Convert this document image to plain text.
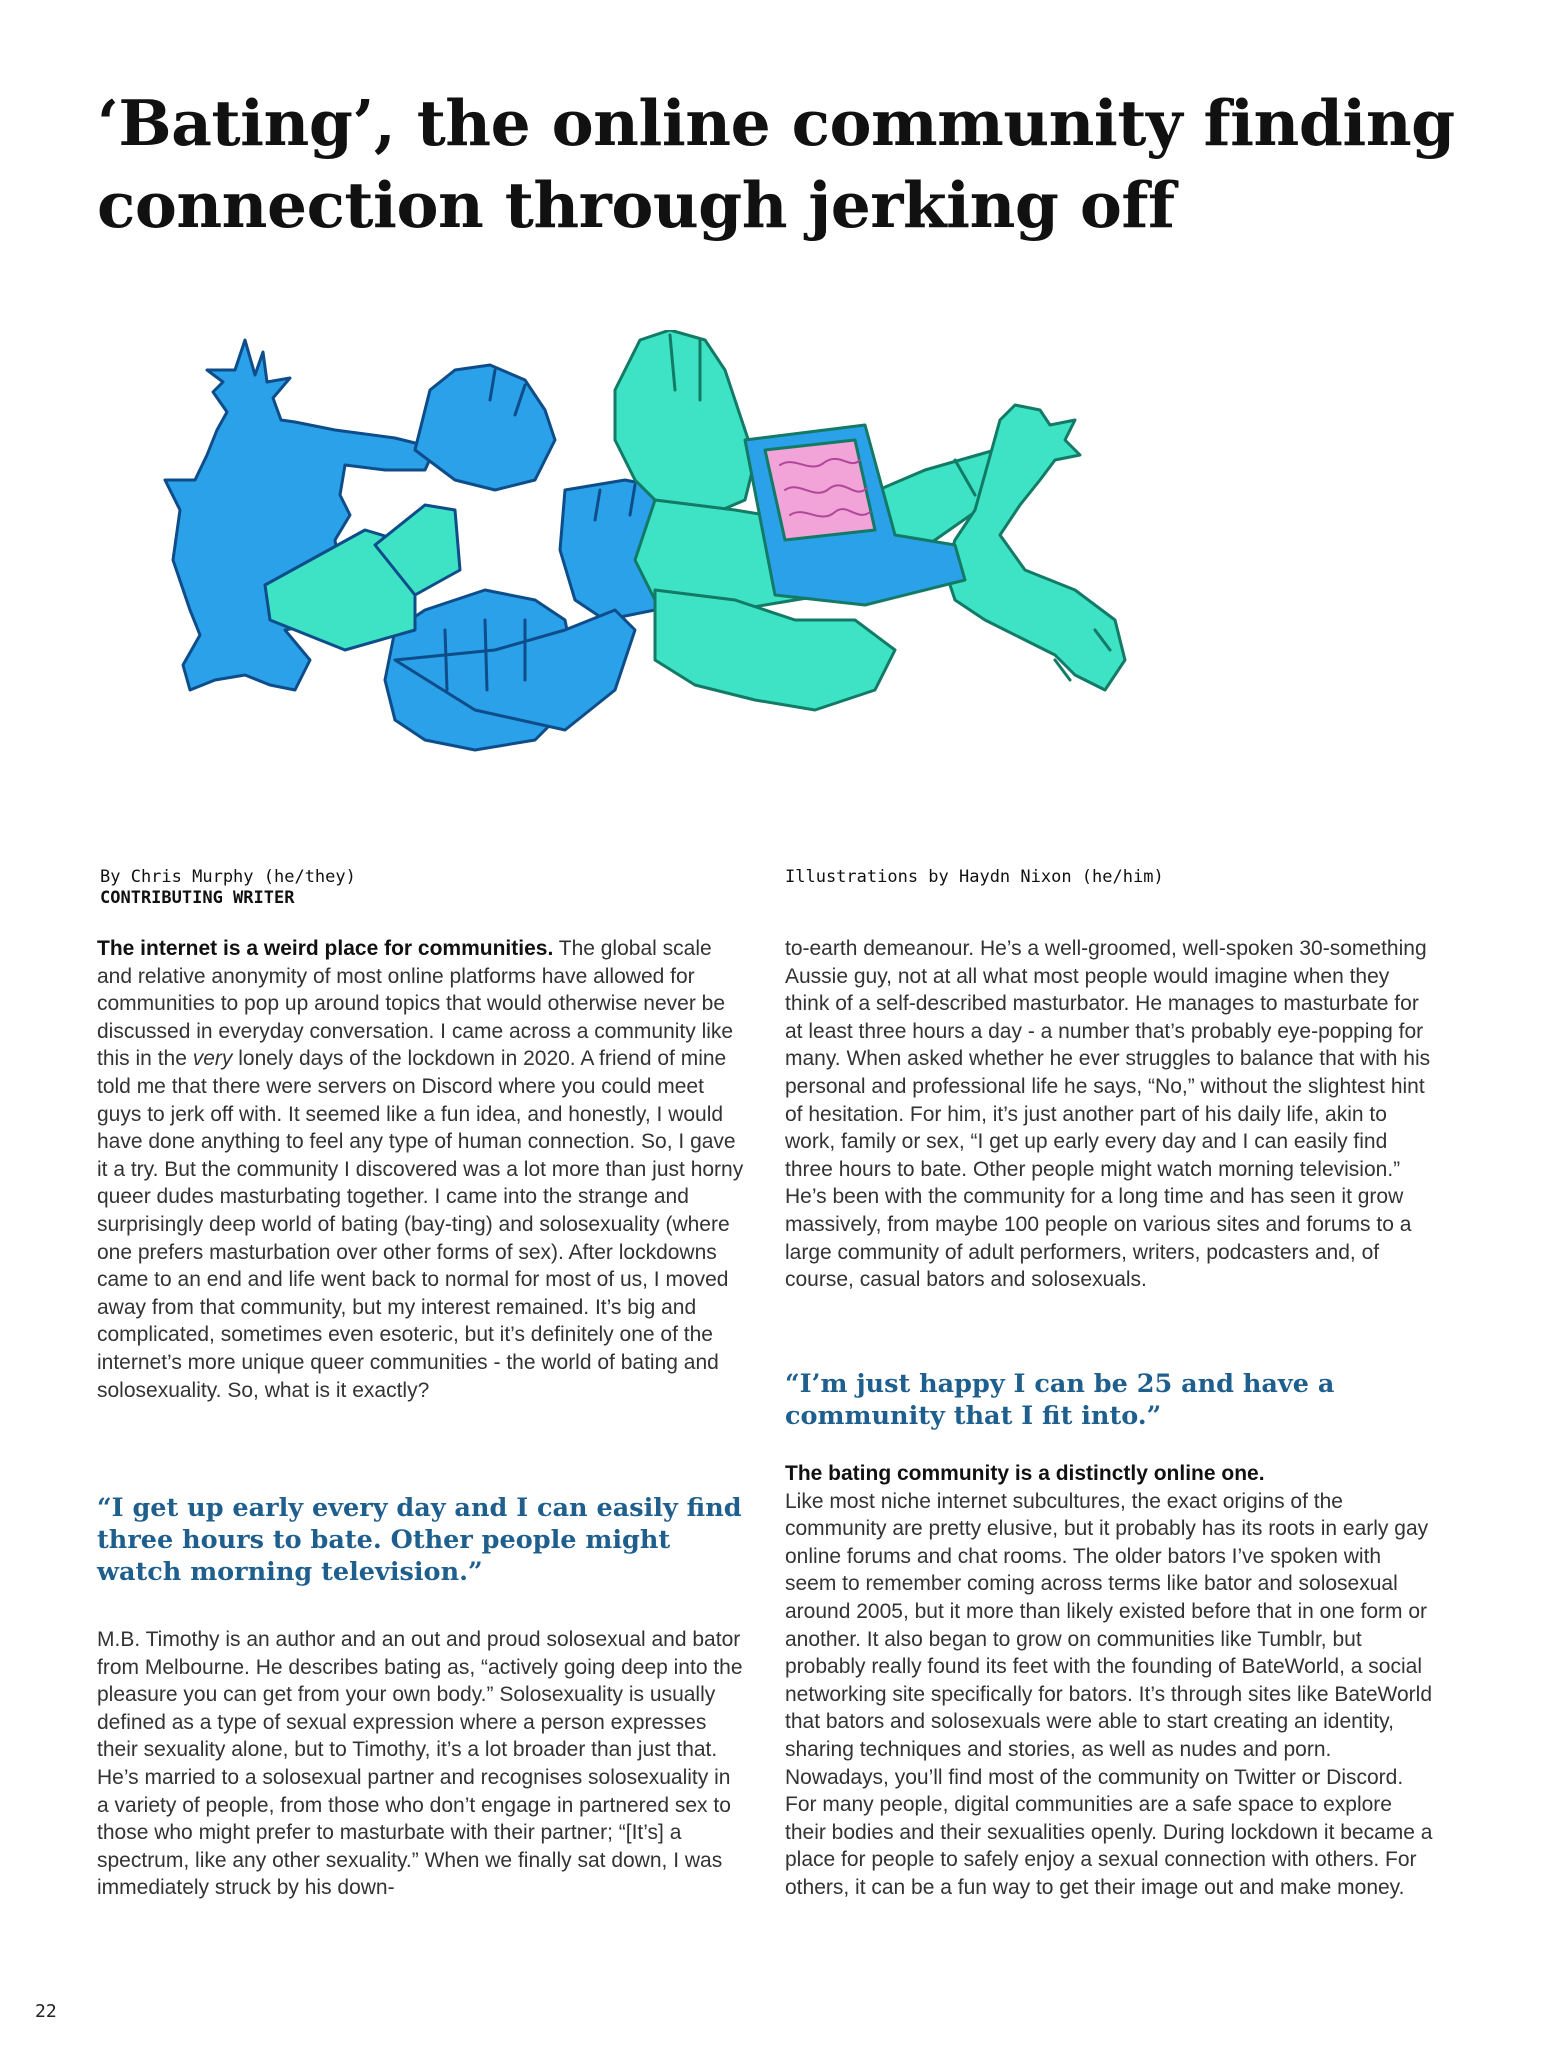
‘Bating’, the online community finding
connection through jerking off
By Chris Murphy (he/they)
CONTRIBUTING WRITER
Illustrations by Haydn Nixon (he/him)

The internet is a weird place for communities. The global scale and relative anonymity of most online platforms have allowed for communities to pop up around topics that would otherwise never be discussed in everyday conversation. I came across a community like this in the very lonely days of the lockdown in 2020. A friend of mine told me that there were servers on Discord where you could meet guys to jerk off with. It seemed like a fun idea, and honestly, I would have done anything to feel any type of human connection. So, I gave it a try. But the community I discovered was a lot more than just horny queer dudes masturbating together. I came into the strange and surprisingly deep world of bating (bay-ting) and solosexuality (where one prefers masturbation over other forms of sex). After lockdowns came to an end and life went back to normal for most of us, I moved away from that community, but my interest remained. It’s big and complicated, sometimes even esoteric, but it’s definitely one of the internet’s more unique queer communities - the world of bating and solosexuality. So, what is it exactly?

“I get up early every day and I can easily find three hours to bate. Other people might watch morning television.”

M.B. Timothy is an author and an out and proud solosexual and bator from Melbourne. He describes bating as, “actively going deep into the pleasure you can get from your own body.” Solosexuality is usually defined as a type of sexual expression where a person expresses their sexuality alone, but to Timothy, it’s a lot broader than just that. He’s married to a solosexual partner and recognises solosexuality in a variety of people, from those who don’t engage in partnered sex to those who might prefer to masturbate with their partner; “[It’s] a spectrum, like any other sexuality.” When we finally sat down, I was immediately struck by his down-

to-earth demeanour. He’s a well-groomed, well-spoken 30-something Aussie guy, not at all what most people would imagine when they think of a self-described masturbator. He manages to masturbate for at least three hours a day - a number that’s probably eye-popping for many. When asked whether he ever struggles to balance that with his personal and professional life he says, “No,” without the slightest hint of hesitation. For him, it’s just another part of his daily life, akin to work, family or sex, “I get up early every day and I can easily find three hours to bate. Other people might watch morning television.” He’s been with the community for a long time and has seen it grow massively, from maybe 100 people on various sites and forums to a large community of adult performers, writers, podcasters and, of course, casual bators and solosexuals.

“I’m just happy I can be 25 and have a community that I fit into.”
The bating community is a distinctly online one.

Like most niche internet subcultures, the exact origins of the community are pretty elusive, but it probably has its roots in early gay online forums and chat rooms. The older bators I’ve spoken with seem to remember coming across terms like bator and solosexual around 2005, but it more than likely existed before that in one form or another. It also began to grow on communities like Tumblr, but probably really found its feet with the founding of BateWorld, a social networking site specifically for bators. It’s through sites like BateWorld that bators and solosexuals were able to start creating an identity, sharing techniques and stories, as well as nudes and porn. Nowadays, you’ll find most of the community on Twitter or Discord. For many people, digital communities are a safe space to explore their bodies and their sexualities openly. During lockdown it became a place for people to safely enjoy a sexual connection with others. For others, it can be a fun way to get their image out and make money.

22
